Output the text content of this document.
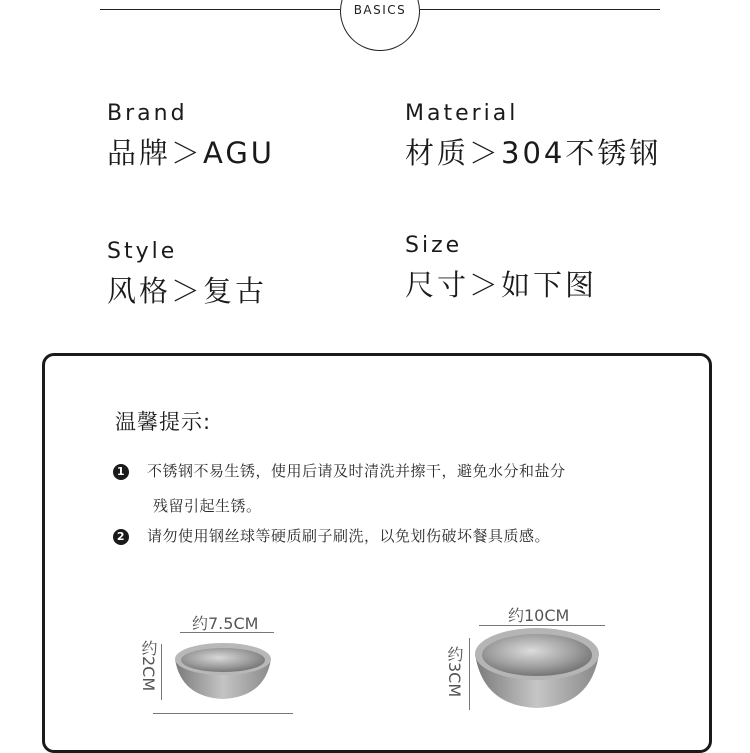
BASICS
Brand
品牌＞AGU
Material
材质＞304不锈钢
Style
风格＞复古
Size
尺寸＞如下图
温馨提示:
1 不锈钢不易生锈，使用后请及时清洗并擦干，避免水分和盐分
残留引起生锈。
2 请勿使用钢丝球等硬质刷子刷洗，以免划伤破坏餐具质感。
约7.5CM
约2CM
约10CM
约3CM
